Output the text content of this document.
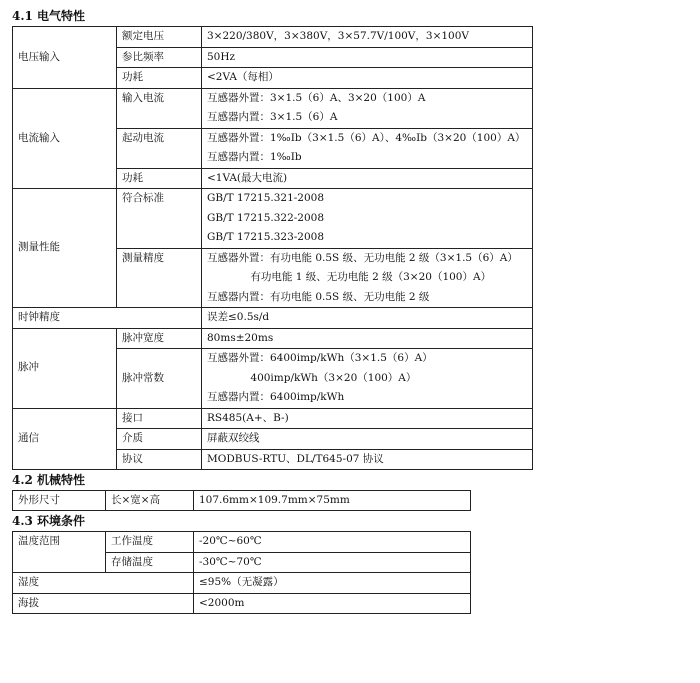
4.1 电气特性
电压输入	额定电压	3×220/380V，3×380V，3×57.7V/100V，3×100V
	参比频率	50Hz
	功耗	<2VA（每相）
电流输入	输入电流	互感器外置：3×1.5（6）A、3×20（100）A
互感器内置：3×1.5（6）A

	起动电流	互感器外置：1‰Ib（3×1.5（6）A）、4‰Ib（3×20（100）A）
互感器内置：1‰Ib

	功耗	<1VA(最大电流)
测量性能	符合标准	GB/T 17215.321-2008
GB/T 17215.322-2008
GB/T 17215.323-2008

	测量精度	互感器外置：有功电能 0.5S 级、无功电能 2 级（3×1.5（6）A）
有功电能 1 级、无功电能 2 级（3×20（100）A）
互感器内置：有功电能 0.5S 级、无功电能 2 级

时钟精度		误差≤0.5s/d
脉冲	脉冲宽度	80ms±20ms
	脉冲常数	互感器外置：6400imp/kWh（3×1.5（6）A）
400imp/kWh（3×20（100）A）
互感器内置：6400imp/kWh

通信	接口	RS485(A+、B-)
	介质	屏蔽双绞线
	协议	MODBUS-RTU、DL/T645-07 协议
4.2 机械特性
外形尺寸	长×宽×高	107.6mm×109.7mm×75mm
4.3 环境条件
温度范围	工作温度	-20℃~60℃
	存储温度	-30℃~70℃
湿度		≤95%（无凝露）
海拔		<2000m
